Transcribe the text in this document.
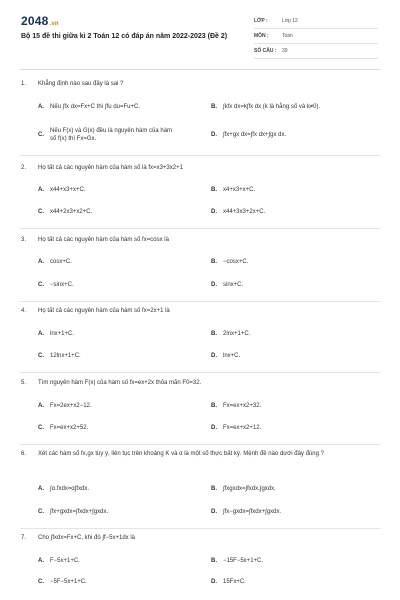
2048.vn
Bộ 15 đề thi giữa kì 2 Toán 12 có đáp án năm 2022-2023 (Đề 2)
LỚP :	Lớp 12
MÔN :	Toán
SỐ CÂU :	39
1.	Khẳng định nào sau đây là sai ?
A.	Nếu ∫fx dx=Fx+C thì ∫fu du=Fu+C.	B.	∫kfx dx=k∫fx dx (k là hằng số và k≠0).
C.
Nếu F(x) và G(x) đều là nguyên hàm của hàm số f(x) thì Fx=Gx.
D.	∫fx+gx dx=∫fx dx+∫gx dx.
2.	Họ tất cả các nguyên hàm của hàm số là fx=x3+3x2+1
A.	x44+x3+x+C.	B.	x4+x3+x+C.
C.	x44+2x3+x2+C.	D.	x44+3x3+2x+C.
3.	Họ tất cả các nguyên hàm của hàm số fx=cosx là
A.	cosx+C.	B.	−cosx+C.
C.	−sinx+C.	D.	sinx+C.
4.	Họ tất cả các nguyên hàm của hàm số fx=2x+1 là
A.	lnx+1+C.	B.	2lnx+1+C.
C.	12lnx+1+C.	D.	lnx+C.
5.	Tìm nguyên hàm F(x) của hàm số fx=ex+2x thỏa mãn F0=32.
A.	Fx=2ex+x2−12.	B.	Fx=ex+x2+32.
C.	Fx=ex+x2+52.	D.	Fx=ex+x2+12.
6.	Xét các hàm số fx,gx tùy ý, liên tục trên khoảng K và α là một số thực bất kỳ. Mệnh đề nào dưới đây đúng ?
A.	∫α.fxdx=α∫fxdx.	B.	∫fxgxdx=∫fxdx.∫gxdx.
C.	∫fx+gxdx=∫fxdx+∫gxdx.	D.	∫fx−gxdx=∫fxdx+∫gxdx.
7.	Cho ∫fxdx=Fx+C, khi đó ∫f−5x+1dx là
A.	F−5x+1+C.	B.	−15F−5x+1+C.
C.	−5F−5x+1+C.	D.	15Fx+C.
